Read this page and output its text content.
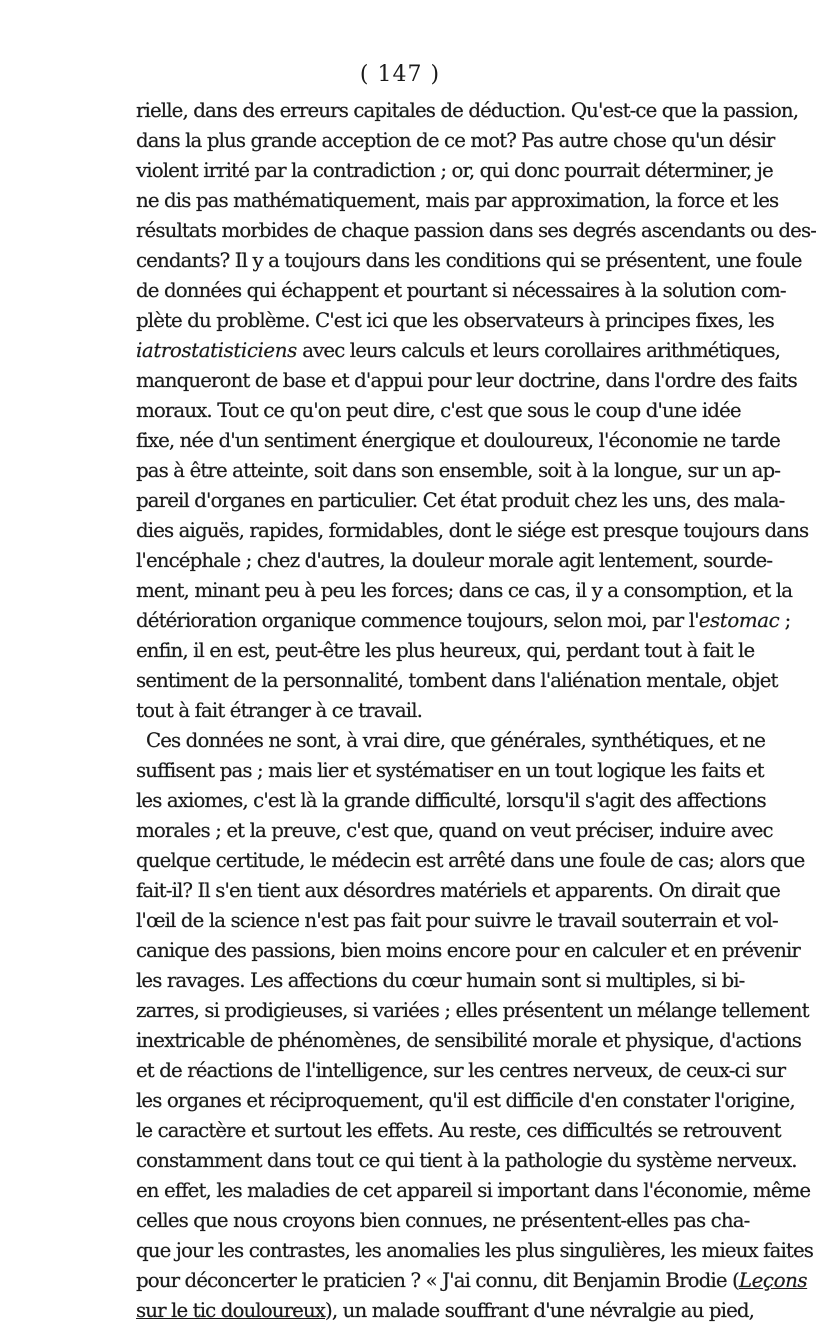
( 147 )
rielle, dans des erreurs capitales de déduction. Qu'est-ce que la passion,
dans la plus grande acception de ce mot? Pas autre chose qu'un désir
violent irrité par la contradiction ; or, qui donc pourrait déterminer, je
ne dis pas mathématiquement, mais par approximation, la force et les
résultats morbides de chaque passion dans ses degrés ascendants ou des-
cendants? Il y a toujours dans les conditions qui se présentent, une foule
de données qui échappent et pourtant si nécessaires à la solution com-
plète du problème. C'est ici que les observateurs à principes fixes, les
iatrostatisticiens avec leurs calculs et leurs corollaires arithmétiques,
manqueront de base et d'appui pour leur doctrine, dans l'ordre des faits
moraux. Tout ce qu'on peut dire, c'est que sous le coup d'une idée
fixe, née d'un sentiment énergique et douloureux, l'économie ne tarde
pas à être atteinte, soit dans son ensemble, soit à la longue, sur un ap-
pareil d'organes en particulier. Cet état produit chez les uns, des mala-
dies aiguës, rapides, formidables, dont le siége est presque toujours dans
l'encéphale ; chez d'autres, la douleur morale agit lentement, sourde-
ment, minant peu à peu les forces; dans ce cas, il y a consomption, et la
détérioration organique commence toujours, selon moi, par l'estomac ;
enfin, il en est, peut-être les plus heureux, qui, perdant tout à fait le
sentiment de la personnalité, tombent dans l'aliénation mentale, objet
tout à fait étranger à ce travail.
Ces données ne sont, à vrai dire, que générales, synthétiques, et ne
suffisent pas ; mais lier et systématiser en un tout logique les faits et
les axiomes, c'est là la grande difficulté, lorsqu'il s'agit des affections
morales ; et la preuve, c'est que, quand on veut préciser, induire avec
quelque certitude, le médecin est arrêté dans une foule de cas; alors que
fait-il? Il s'en tient aux désordres matériels et apparents. On dirait que
l'œil de la science n'est pas fait pour suivre le travail souterrain et vol-
canique des passions, bien moins encore pour en calculer et en prévenir
les ravages. Les affections du cœur humain sont si multiples, si bi-
zarres, si prodigieuses, si variées ; elles présentent un mélange tellement
inextricable de phénomènes, de sensibilité morale et physique, d'actions
et de réactions de l'intelligence, sur les centres nerveux, de ceux-ci sur
les organes et réciproquement, qu'il est difficile d'en constater l'origine,
le caractère et surtout les effets. Au reste, ces difficultés se retrouvent
constamment dans tout ce qui tient à la pathologie du système nerveux.
en effet, les maladies de cet appareil si important dans l'économie, même
celles que nous croyons bien connues, ne présentent-elles pas cha-
que jour les contrastes, les anomalies les plus singulières, les mieux faites
pour déconcerter le praticien ? « J'ai connu, dit Benjamin Brodie (Leçons
sur le tic douloureux), un malade souffrant d'une névralgie au pied,
